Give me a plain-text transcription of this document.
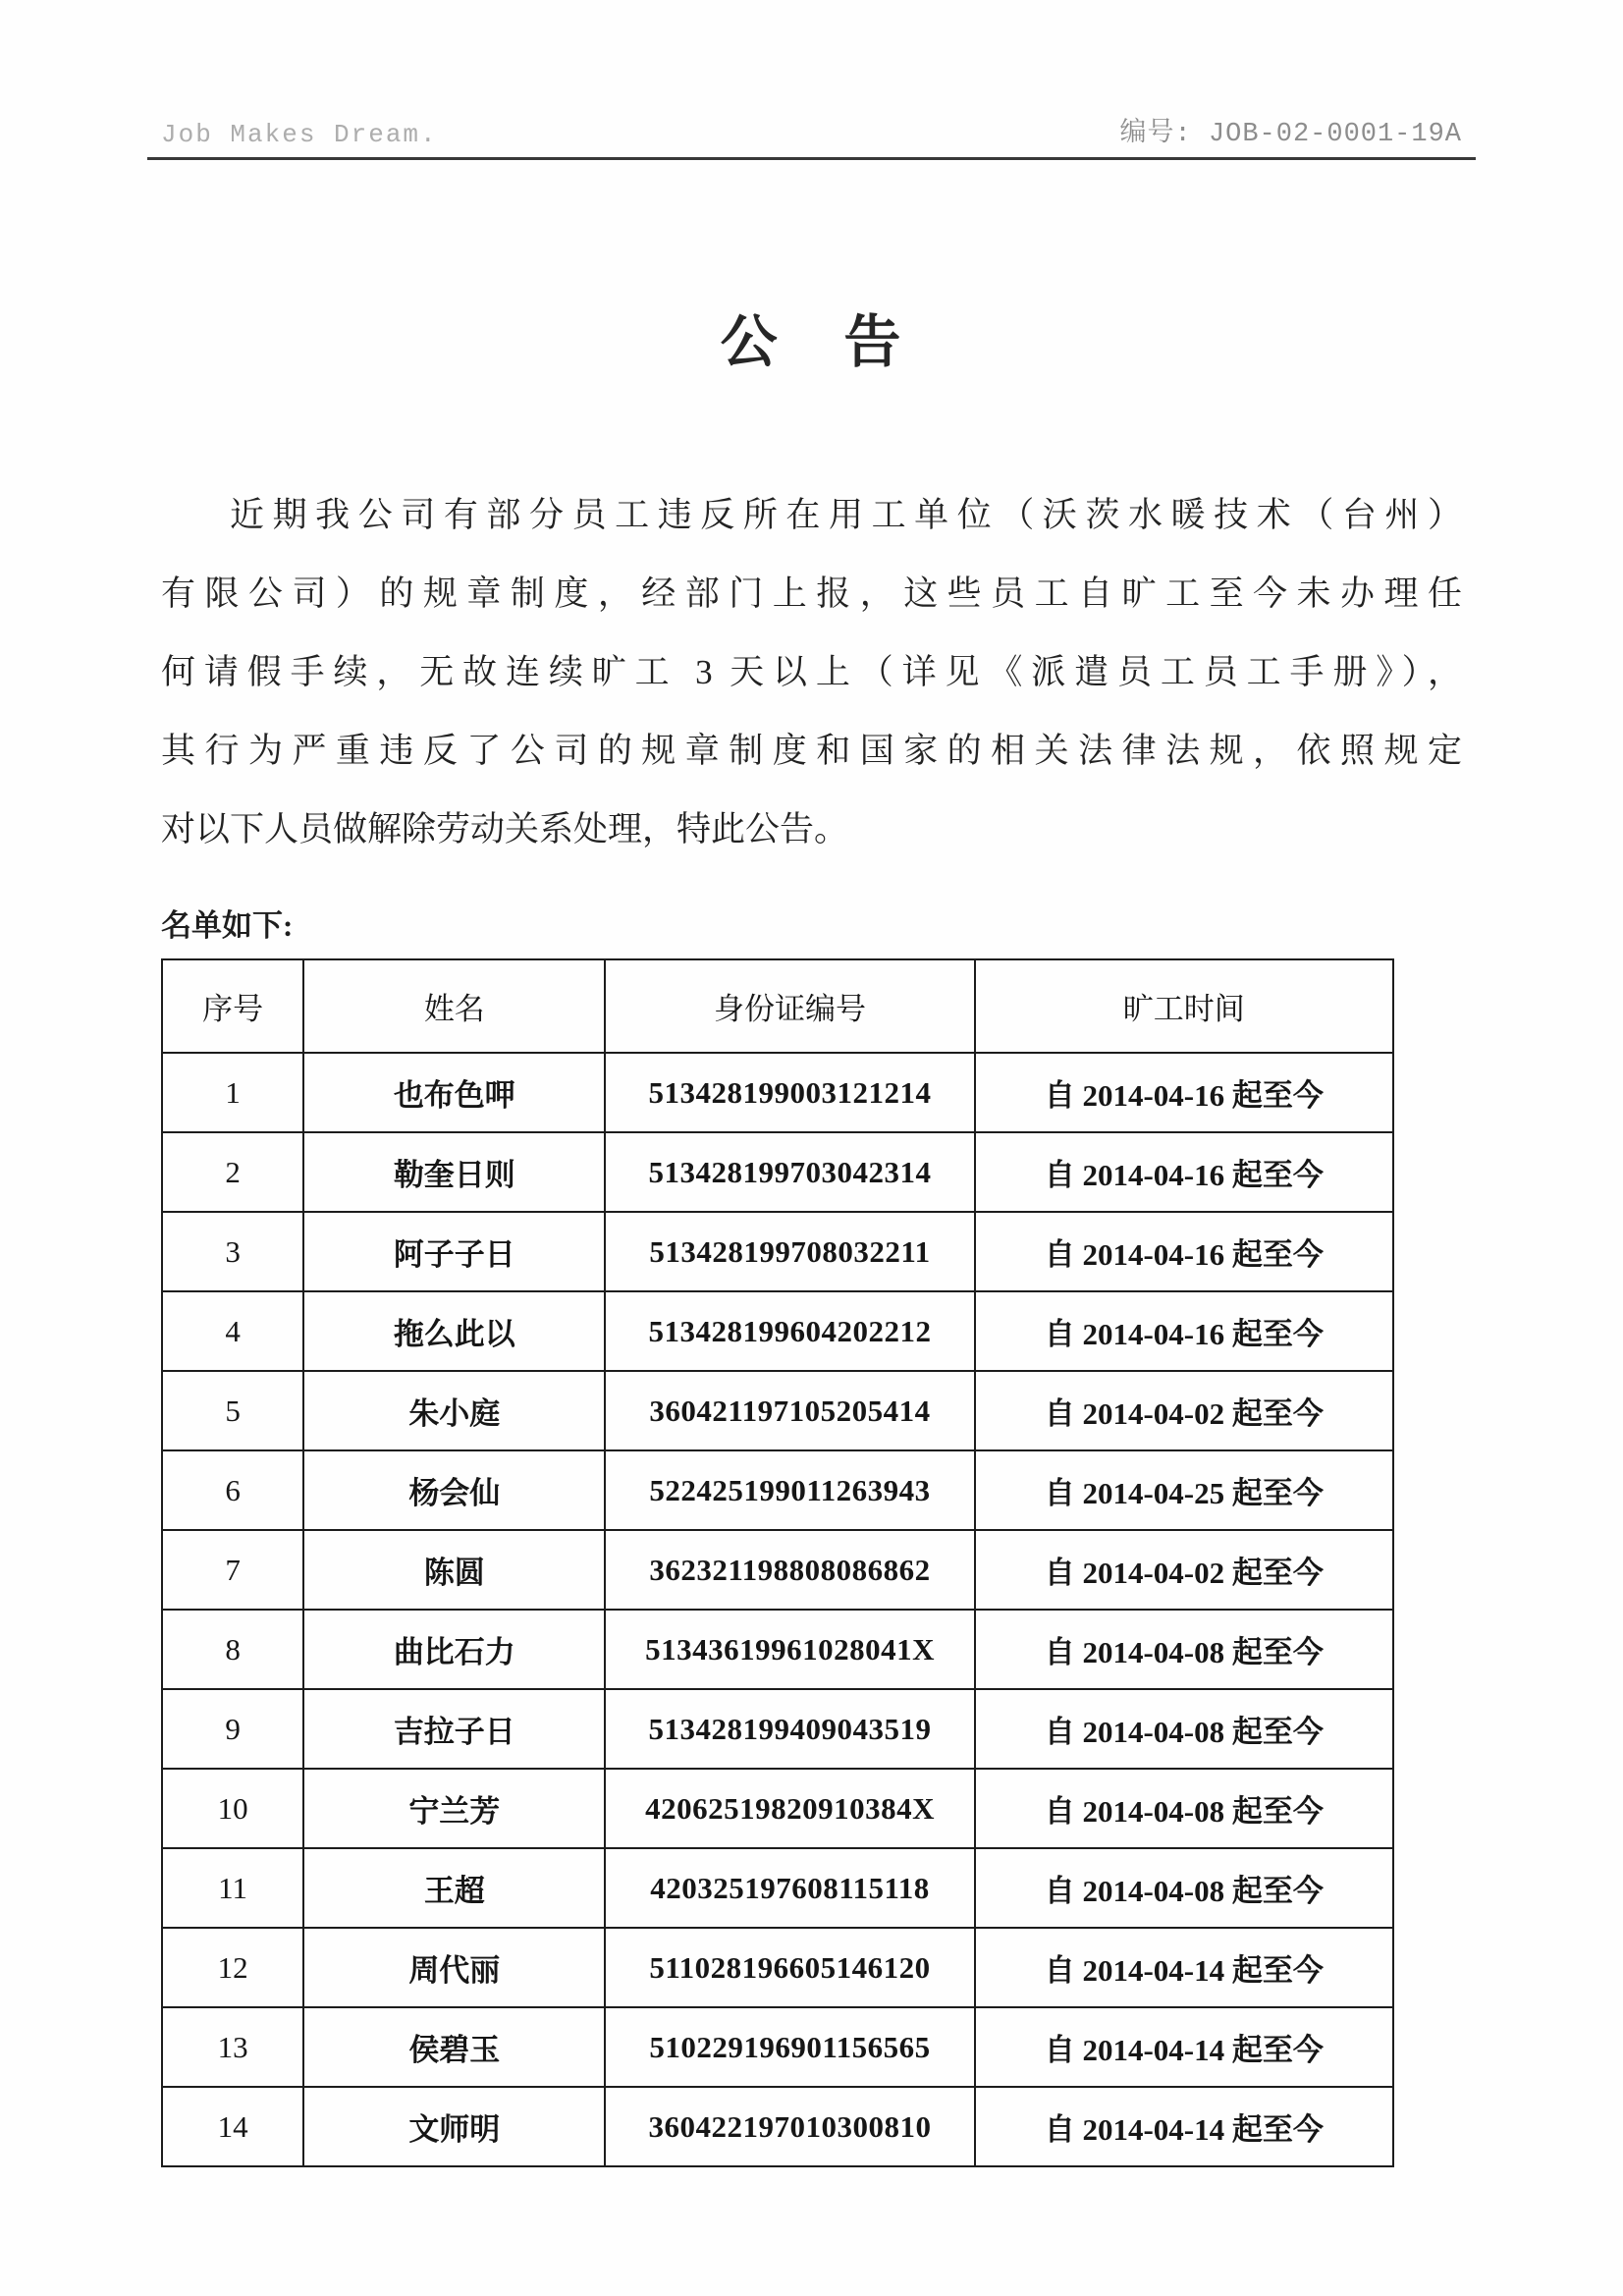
Job Makes Dream.	编号: JOB-02-0001-19A
公 告
近期我公司有部分员工违反所在用工单位（沃茨水暖技术（台州）
有限公司）的规章制度，经部门上报，这些员工自旷工至今未办理任
何请假手续，无故连续旷工 3 天以上（详见《派遣员工员工手册》），
其行为严重违反了公司的规章制度和国家的相关法律法规，依照规定
对以下人员做解除劳动关系处理，特此公告。
名单如下:
序号	姓名	身份证编号	旷工时间
1	也布色呷	513428199003121214	自 2014-04-16 起至今
2	勒奎日则	513428199703042314	自 2014-04-16 起至今
3	阿子子日	513428199708032211	自 2014-04-16 起至今
4	拖么此以	513428199604202212	自 2014-04-16 起至今
5	朱小庭	360421197105205414	自 2014-04-02 起至今
6	杨会仙	522425199011263943	自 2014-04-25 起至今
7	陈圆	362321198808086862	自 2014-04-02 起至今
8	曲比石力	51343619961028041X	自 2014-04-08 起至今
9	吉拉子日	513428199409043519	自 2014-04-08 起至今
10	宁兰芳	42062519820910384X	自 2014-04-08 起至今
11	王超	420325197608115118	自 2014-04-08 起至今
12	周代丽	511028196605146120	自 2014-04-14 起至今
13	侯碧玉	510229196901156565	自 2014-04-14 起至今
14	文师明	360422197010300810	自 2014-04-14 起至今
